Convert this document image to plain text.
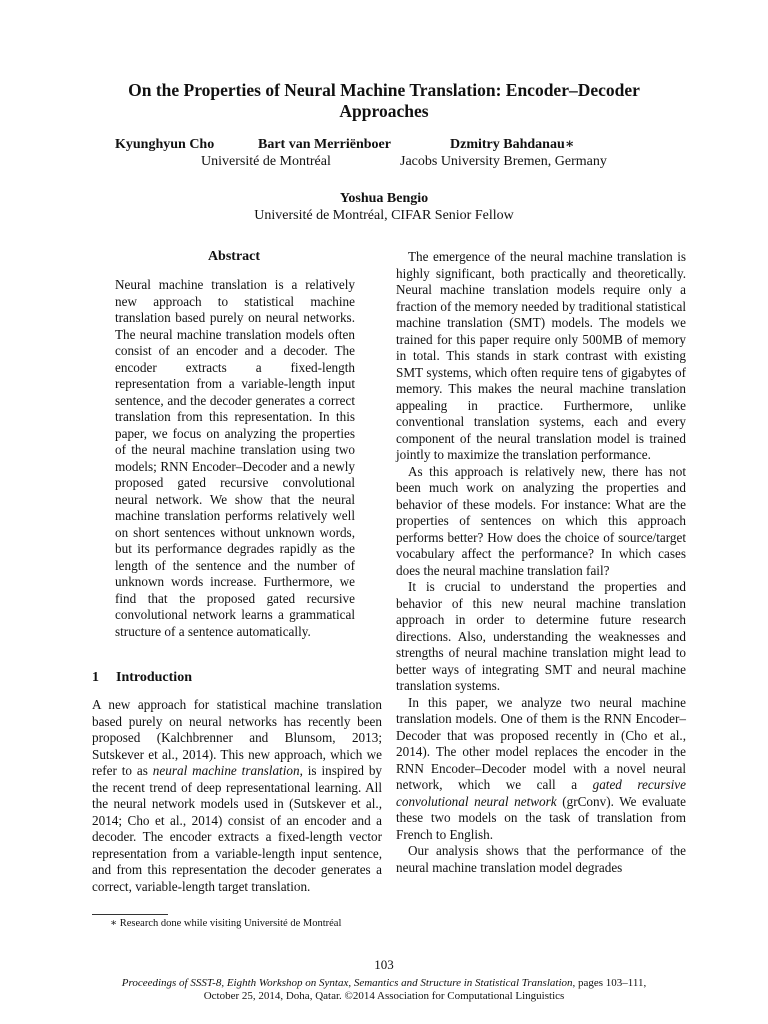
On the Properties of Neural Machine Translation: Encoder–Decoder Approaches
Kyunghyun Cho	Bart van Merriënboer	Dzmitry Bahdanau∗
Université de Montréal	Jacobs University Bremen, Germany
Yoshua Bengio
Université de Montréal, CIFAR Senior Fellow
Abstract

Neural machine translation is a relatively new approach to statistical machine translation based purely on neural networks. The neural machine translation models often consist of an encoder and a decoder. The encoder extracts a fixed-length representation from a variable-length input sentence, and the decoder generates a correct translation from this representation. In this paper, we focus on analyzing the properties of the neural machine translation using two models; RNN Encoder–Decoder and a newly proposed gated recursive convolutional neural network. We show that the neural machine translation performs relatively well on short sentences without unknown words, but its performance degrades rapidly as the length of the sentence and the number of unknown words increase. Furthermore, we find that the proposed gated recursive convolutional network learns a grammatical structure of a sentence automatically.

1 Introduction

A new approach for statistical machine translation based purely on neural networks has recently been proposed (Kalchbrenner and Blunsom, 2013; Sutskever et al., 2014). This new approach, which we refer to as neural machine translation, is inspired by the recent trend of deep representational learning. All the neural network models used in (Sutskever et al., 2014; Cho et al., 2014) consist of an encoder and a decoder. The encoder extracts a fixed-length vector representation from a variable-length input sentence, and from this representation the decoder generates a correct, variable-length target translation.

∗ Research done while visiting Université de Montréal

The emergence of the neural machine translation is highly significant, both practically and theoretically. Neural machine translation models require only a fraction of the memory needed by traditional statistical machine translation (SMT) models. The models we trained for this paper require only 500MB of memory in total. This stands in stark contrast with existing SMT systems, which often require tens of gigabytes of memory. This makes the neural machine translation appealing in practice. Furthermore, unlike conventional translation systems, each and every component of the neural translation model is trained jointly to maximize the translation performance.

As this approach is relatively new, there has not been much work on analyzing the properties and behavior of these models. For instance: What are the properties of sentences on which this approach performs better? How does the choice of source/target vocabulary affect the performance? In which cases does the neural machine translation fail?

It is crucial to understand the properties and behavior of this new neural machine translation approach in order to determine future research directions. Also, understanding the weaknesses and strengths of neural machine translation might lead to better ways of integrating SMT and neural machine translation systems.

In this paper, we analyze two neural machine translation models. One of them is the RNN Encoder–Decoder that was proposed recently in (Cho et al., 2014). The other model replaces the encoder in the RNN Encoder–Decoder model with a novel neural network, which we call a gated recursive convolutional neural network (grConv). We evaluate these two models on the task of translation from French to English.

Our analysis shows that the performance of the neural machine translation model degrades

103
Proceedings of SSST-8, Eighth Workshop on Syntax, Semantics and Structure in Statistical Translation, pages 103–111,
October 25, 2014, Doha, Qatar. ©2014 Association for Computational Linguistics
